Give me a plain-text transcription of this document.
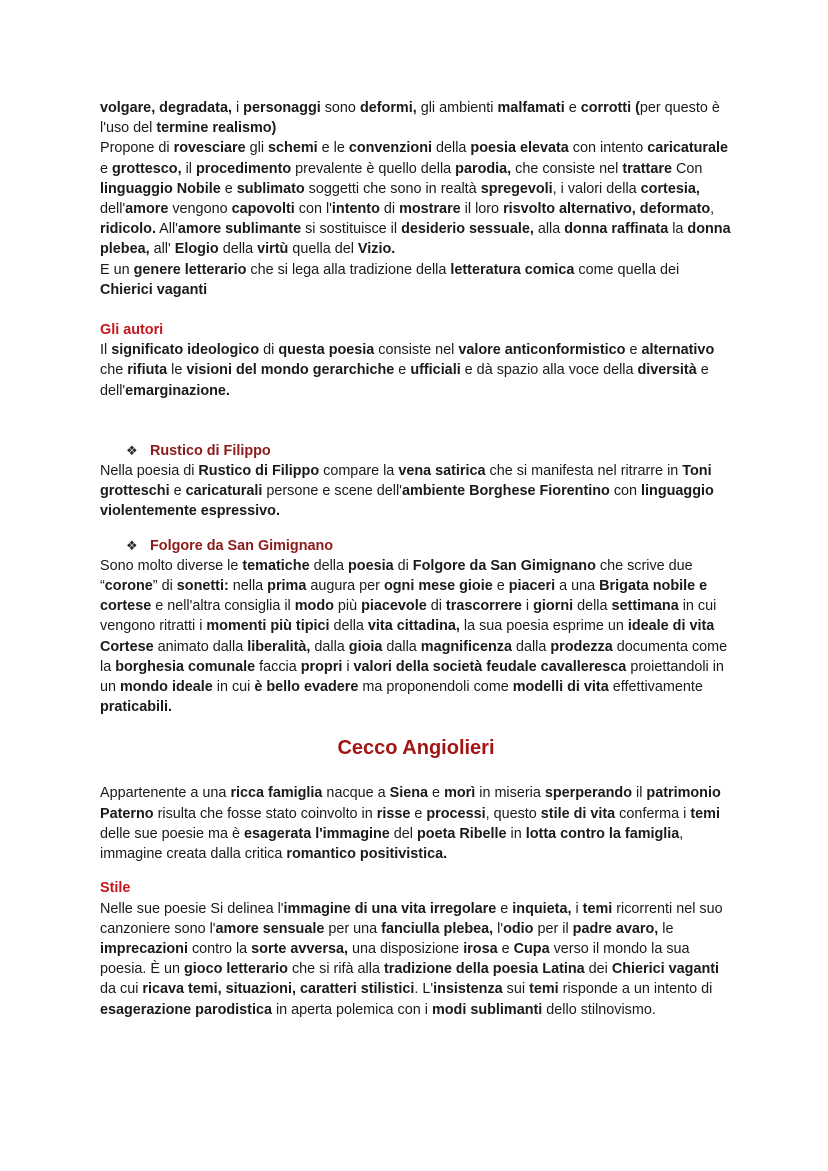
volgare, degradata, i personaggi sono deformi, gli ambienti malfamati e corrotti (per questo è l'uso del termine realismo)
Propone di rovesciare gli schemi e le convenzioni della poesia elevata con intento caricaturale e grottesco, il procedimento prevalente è quello della parodia, che consiste nel trattare Con linguaggio Nobile e sublimato soggetti che sono in realtà spregevoli, i valori della cortesia, dell'amore vengono capovolti con l'intento di mostrare il loro risvolto alternativo, deformato, ridicolo. All'amore sublimante si sostituisce il desiderio sessuale, alla donna raffinata la donna plebea, all' Elogio della virtù quella del Vizio.
E un genere letterario che si lega alla tradizione della letteratura comica come quella dei Chierici vaganti

Gli autori

Il significato ideologico di questa poesia consiste nel valore anticonformistico e alternativo che rifiuta le visioni del mondo gerarchiche e ufficiali e dà spazio alla voce della diversità e dell'emarginazione.

❖ Rustico di Filippo

Nella poesia di Rustico di Filippo compare la vena satirica che si manifesta nel ritrarre in Toni grotteschi e caricaturali persone e scene dell'ambiente Borghese Fiorentino con linguaggio violentemente espressivo.

❖ Folgore da San Gimignano

Sono molto diverse le tematiche della poesia di Folgore da San Gimignano che scrive due “corone” di sonetti: nella prima augura per ogni mese gioie e piaceri a una Brigata nobile e cortese e nell'altra consiglia il modo più piacevole di trascorrere i giorni della settimana in cui vengono ritratti i momenti più tipici della vita cittadina, la sua poesia esprime un ideale di vita Cortese animato dalla liberalità, dalla gioia dalla magnificenza dalla prodezza documenta come la borghesia comunale faccia propri i valori della società feudale cavalleresca proiettandoli in un mondo ideale in cui è bello evadere ma proponendoli come modelli di vita effettivamente praticabili.

Cecco Angiolieri

Appartenente a una ricca famiglia nacque a Siena e morì in miseria sperperando il patrimonio Paterno risulta che fosse stato coinvolto in risse e processi, questo stile di vita conferma i temi delle sue poesie ma è esagerata l'immagine del poeta Ribelle in lotta contro la famiglia, immagine creata dalla critica romantico positivistica.

Stile

Nelle sue poesie Si delinea l'immagine di una vita irregolare e inquieta, i temi ricorrenti nel suo canzoniere sono l'amore sensuale per una fanciulla plebea, l'odio per il padre avaro, le imprecazioni contro la sorte avversa, una disposizione irosa e Cupa verso il mondo la sua poesia. È un gioco letterario che si rifà alla tradizione della poesia Latina dei Chierici vaganti da cui ricava temi, situazioni, caratteri stilistici. L'insistenza sui temi risponde a un intento di esagerazione parodistica in aperta polemica con i modi sublimanti dello stilnovismo.
